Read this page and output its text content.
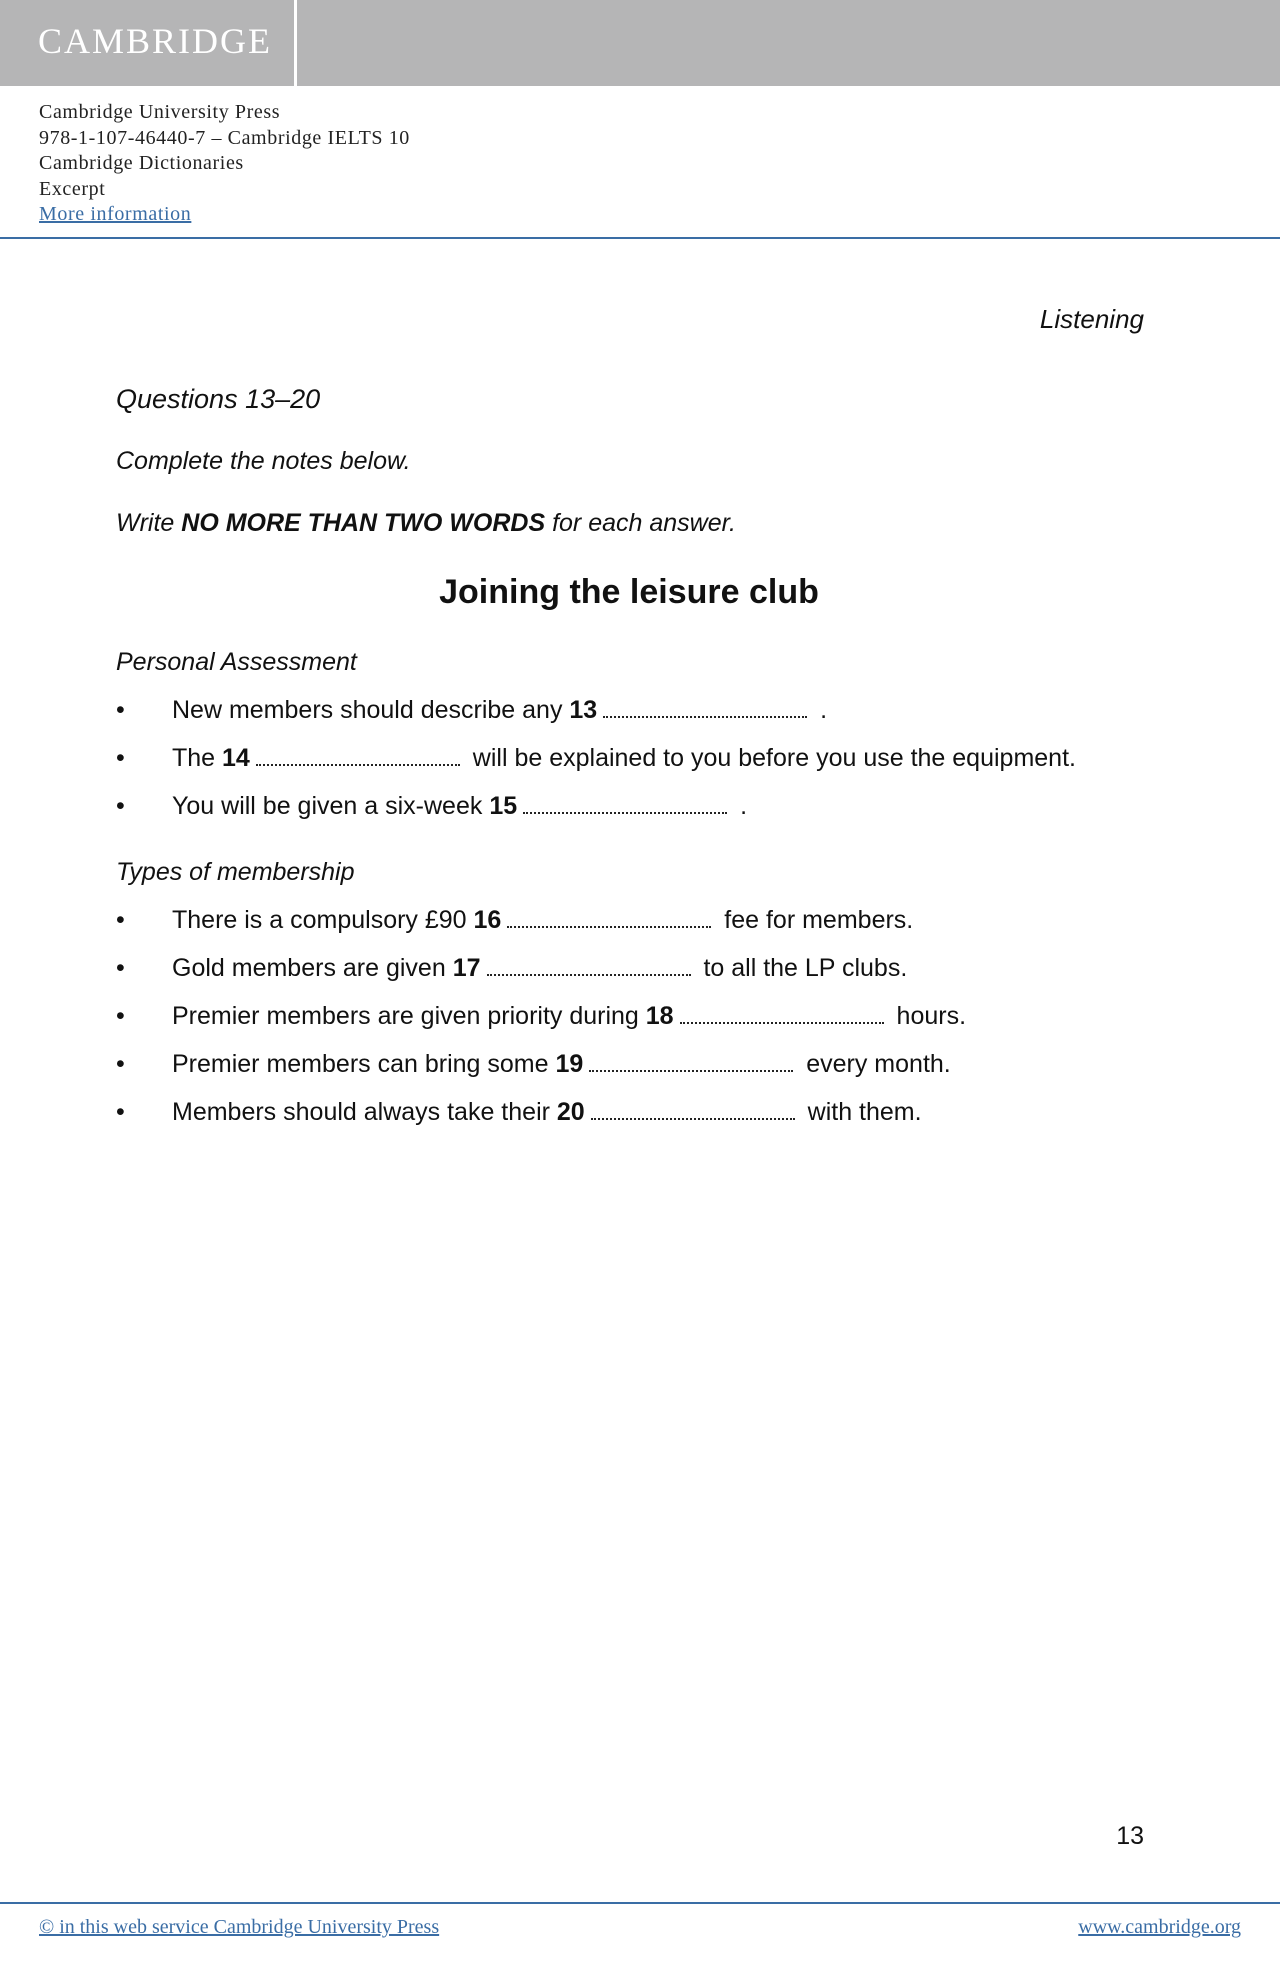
CAMBRIDGE
Cambridge University Press
978-1-107-46440-7 – Cambridge IELTS 10
Cambridge Dictionaries
Excerpt
More information
Listening
Questions 13–20
Complete the notes below.
Write NO MORE THAN TWO WORDS for each answer.
Joining the leisure club
Personal Assessment
• New members should describe any 13	.
• The 14	will be explained to you before you use the equipment.
• You will be given a six-week 15	.
Types of membership
• There is a compulsory £90 16	fee for members.
• Gold members are given 17	to all the LP clubs.
• Premier members are given priority during 18	hours.
• Premier members can bring some 19	every month.
• Members should always take their 20	with them.
13
© in this web service Cambridge University Press	www.cambridge.org
